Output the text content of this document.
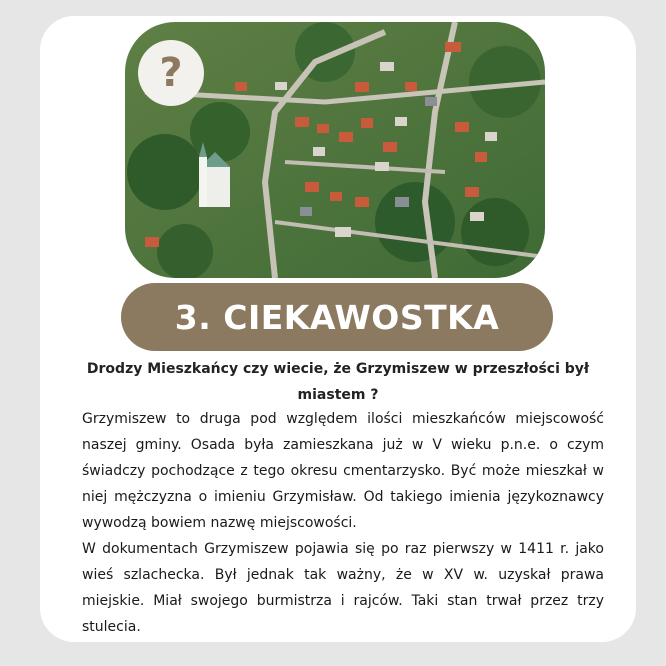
?
3. CIEKAWOSTKA
Drodzy Mieszkańcy czy wiecie, że Grzymiszew w przeszłości był miastem ?

Grzymiszew to druga pod względem ilości mieszkańców miejscowość naszej gminy. Osada była zamieszkana już w V wieku p.n.e. o czym świadczy pochodzące z tego okresu cmentarzysko. Być może mieszkał w niej mężczyzna o imieniu Grzymisław. Od takiego imienia językoznawcy wywodzą bowiem nazwę miejscowości.

W dokumentach Grzymiszew pojawia się po raz pierwszy w 1411 r. jako wieś szlachecka. Był jednak tak ważny, że w XV w. uzyskał prawa miejskie. Miał swojego burmistrza i rajców. Taki stan trwał przez trzy stulecia.
